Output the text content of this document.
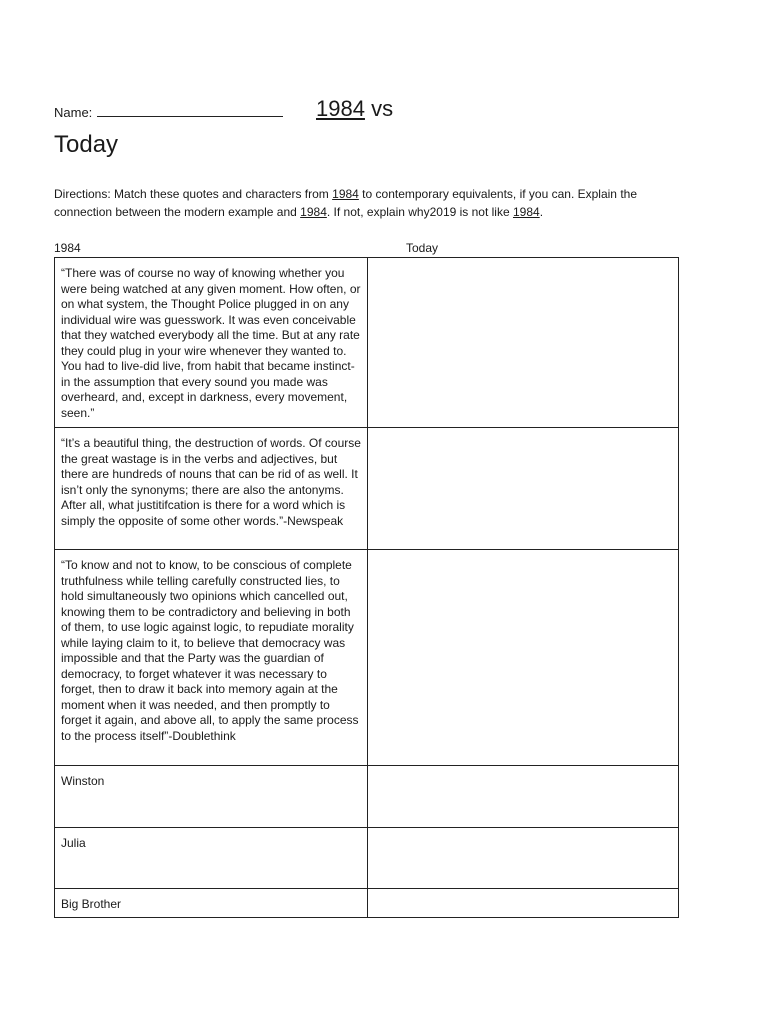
Name:	1984 vs
Today
Directions: Match these quotes and characters from 1984 to contemporary equivalents, if you can. Explain the connection between the modern example and 1984. If not, explain why2019 is not like 1984.
1984	Today
“There was of course no way of knowing whether you were being watched at any given moment. How often, or on what system, the Thought Police plugged in on any individual wire was guesswork. It was even conceivable that they watched everybody all the time. But at any rate they could plug in your wire whenever they wanted to. You had to live-did live, from habit that became instinct-in the assumption that every sound you made was overheard, and, except in darkness, every movement, seen.”	
“It’s a beautiful thing, the destruction of words. Of course the great wastage is in the verbs and adjectives, but there are hundreds of nouns that can be rid of as well. It isn’t only the synonyms; there are also the antonyms. After all, what justitifcation is there for a word which is simply the opposite of some other words.”-Newspeak	
“To know and not to know, to be conscious of complete truthfulness while telling carefully constructed lies, to hold simultaneously two opinions which cancelled out, knowing them to be contradictory and believing in both of them, to use logic against logic, to repudiate morality while laying claim to it, to believe that democracy was impossible and that the Party was the guardian of democracy, to forget whatever it was necessary to forget, then to draw it back into memory again at the moment when it was needed, and then promptly to forget it again, and above all, to apply the same process to the process itself”-Doublethink	
Winston	
Julia	
Big Brother	
